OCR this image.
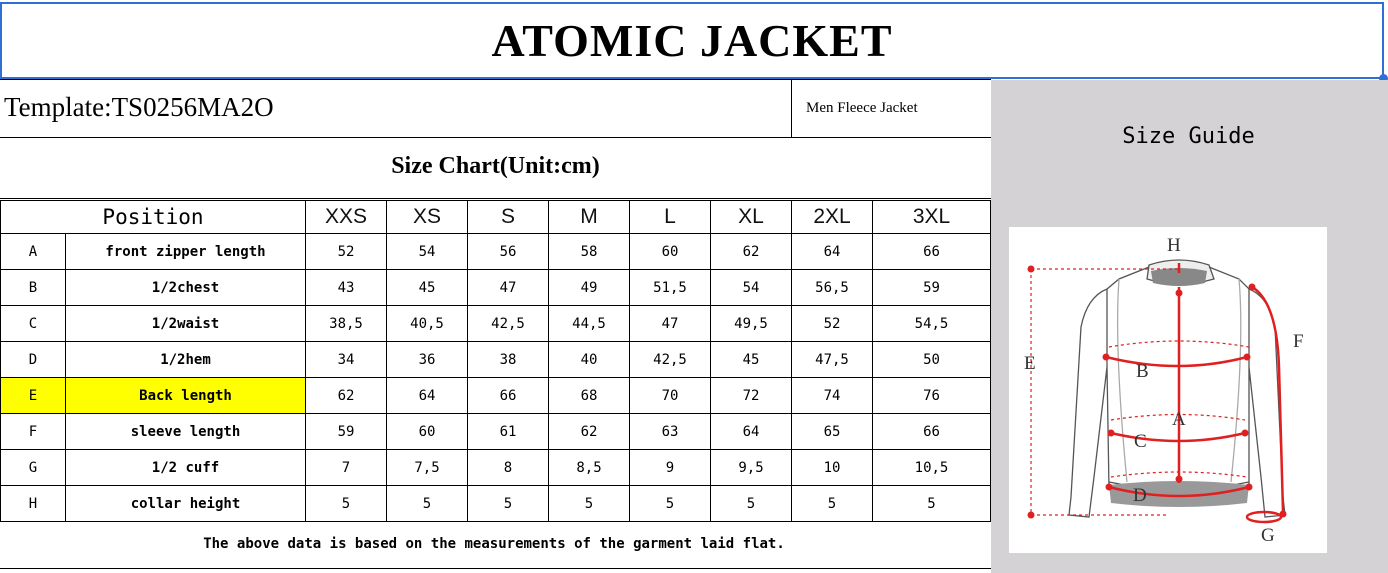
ATOMIC JACKET
Template:TS0256MA2O	Men Fleece Jacket
Size Guide
Size Chart(Unit:cm)
Position		XXS	XS	S	M	L	XL	2XL	3XL
A	front zipper length	52	54	56	58	60	62	64	66
B	1/2chest	43	45	47	49	51,5	54	56,5	59
C	1/2waist	38,5	40,5	42,5	44,5	47	49,5	52	54,5
D	1/2hem	34	36	38	40	42,5	45	47,5	50
E	Back length	62	64	66	68	70	72	74	76
F	sleeve length	59	60	61	62	63	64	65	66
G	1/2 cuff	7	7,5	8	8,5	9	9,5	10	10,5
H	collar height	5	5	5	5	5	5	5	5
The above data is based on the measurements of the garment laid flat.
H
E	B
F
A
C
D
G
